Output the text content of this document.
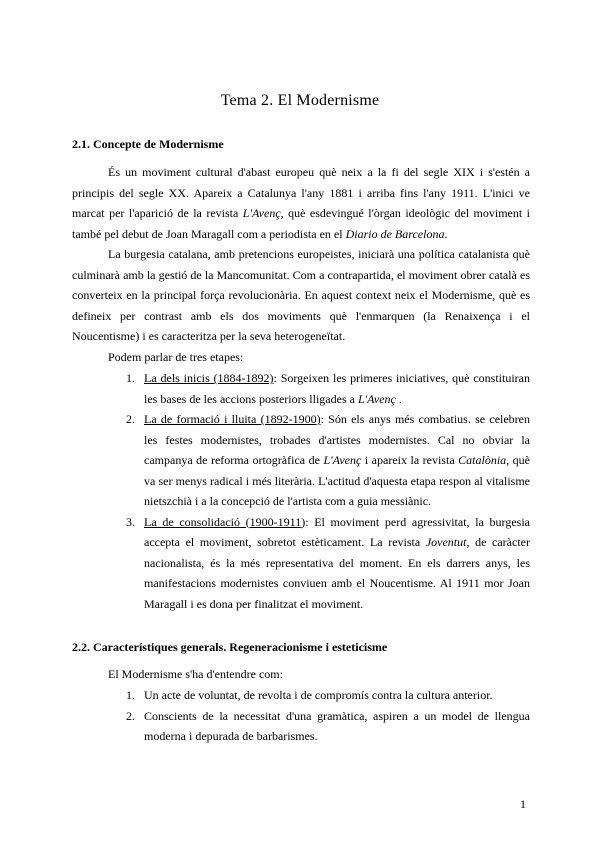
Tema 2. El Modernisme
2.1. Concepte de Modernisme

És un moviment cultural d'abast europeu què neix a la fi del segle XIX i s'estén a principis del segle XX. Apareix a Catalunya l'any 1881 i arriba fins l'any 1911. L'inici ve marcat per l'aparició de la revista L'Avenç, què esdevingué l'òrgan ideològic del moviment i també pel debut de Joan Maragall com a periodista en el Diario de Barcelona.

La burgesia catalana, amb pretencions europeistes, iniciarà una política catalanista què culminarà amb la gestió de la Mancomunitat. Com a contrapartida, el moviment obrer català es converteix en la principal força revolucionària. En aquest context neix el Modernisme, què es defineix per contrast amb els dos moviments què l'enmarquen (la Renaixença i el Noucentisme) i es caracteritza per la seva heterogeneïtat.

Podem parlar de tres etapes:

1. La dels inicis (1884-1892): Sorgeixen les primeres iniciatives, què constituiran les bases de les accions posteriors lligades a L'Avenç .
2. La de formació i lluita (1892-1900): Són els anys més combatius. se celebren les festes modernistes, trobades d'artistes modernistes. Cal no obviar la campanya de reforma ortogràfica de L'Avenç i apareix la revista Catalònia, què va ser menys radical i més literària. L'actitud d'aquesta etapa respon al vitalisme nietszchià i a la concepció de l'artista com a guia messiànic.
3. La de consolidació (1900-1911): El moviment perd agressivitat, la burgesia accepta el moviment, sobretot estèticament. La revista Joventut, de caràcter nacionalista, és la més representativa del moment. En els darrers anys, les manifestacions modernistes conviuen amb el Noucentisme. Al 1911 mor Joan Maragall i es dona per finalitzat el moviment.
2.2. Característiques generals. Regeneracionisme i esteticisme

El Modernisme s'ha d'entendre com:

1. Un acte de voluntat, de revolta i de compromís contra la cultura anterior.
2. Conscients de la necessitat d'una gramàtica, aspiren a un model de llengua moderna i depurada de barbarismes.
1
